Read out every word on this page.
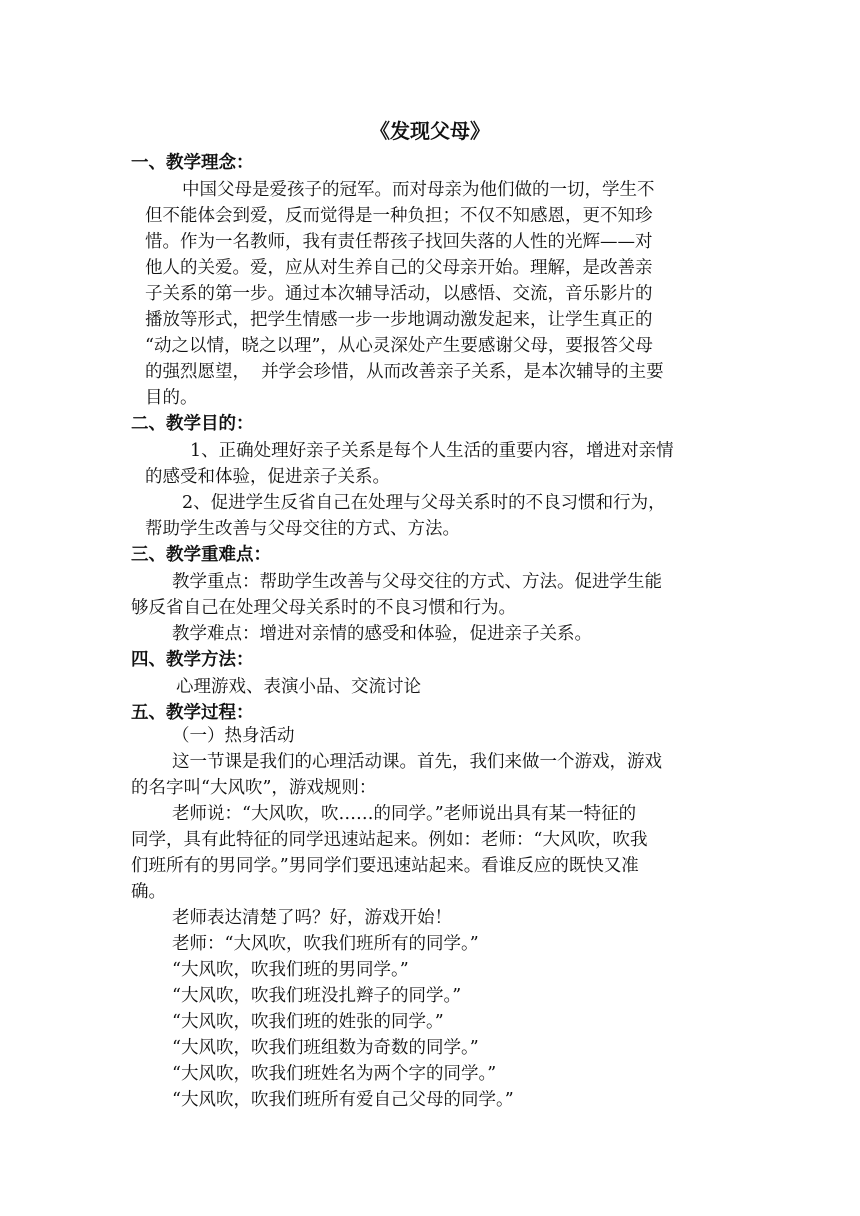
《发现父母》
一、教学理念：
中国父母是爱孩子的冠军。而对母亲为他们做的一切，学生不
但不能体会到爱，反而觉得是一种负担；不仅不知感恩，更不知珍
惜。作为一名教师，我有责任帮孩子找回失落的人性的光辉——对
他人的关爱。爱，应从对生养自己的父母亲开始。理解，是改善亲
子关系的第一步。通过本次辅导活动，以感悟、交流，音乐影片的
播放等形式，把学生情感一步一步地调动激发起来，让学生真正的
“动之以情，晓之以理”，从心灵深处产生要感谢父母，要报答父母
的强烈愿望，  并学会珍惜，从而改善亲子关系，是本次辅导的主要
目的。
二、教学目的：
1、正确处理好亲子关系是每个人生活的重要内容，增进对亲情
的感受和体验，促进亲子关系。
2、促进学生反省自己在处理与父母关系时的不良习惯和行为，
帮助学生改善与父母交往的方式、方法。
三、教学重难点：
教学重点：帮助学生改善与父母交往的方式、方法。促进学生能
够反省自己在处理父母关系时的不良习惯和行为。
教学难点：增进对亲情的感受和体验，促进亲子关系。
四、教学方法：
心理游戏、表演小品、交流讨论
五、教学过程：
（一）热身活动
这一节课是我们的心理活动课。首先，我们来做一个游戏，游戏
的名字叫“大风吹”，游戏规则：
老师说：“大风吹，吹……的同学。”老师说出具有某一特征的
同学，具有此特征的同学迅速站起来。例如：老师：“大风吹，吹我
们班所有的男同学。”男同学们要迅速站起来。看谁反应的既快又准
确。
老师表达清楚了吗？好，游戏开始！
老师：“大风吹，吹我们班所有的同学。”
“大风吹，吹我们班的男同学。”
“大风吹，吹我们班没扎辫子的同学。”
“大风吹，吹我们班的姓张的同学。”
“大风吹，吹我们班组数为奇数的同学。”
“大风吹，吹我们班姓名为两个字的同学。”
“大风吹，吹我们班所有爱自己父母的同学。”
